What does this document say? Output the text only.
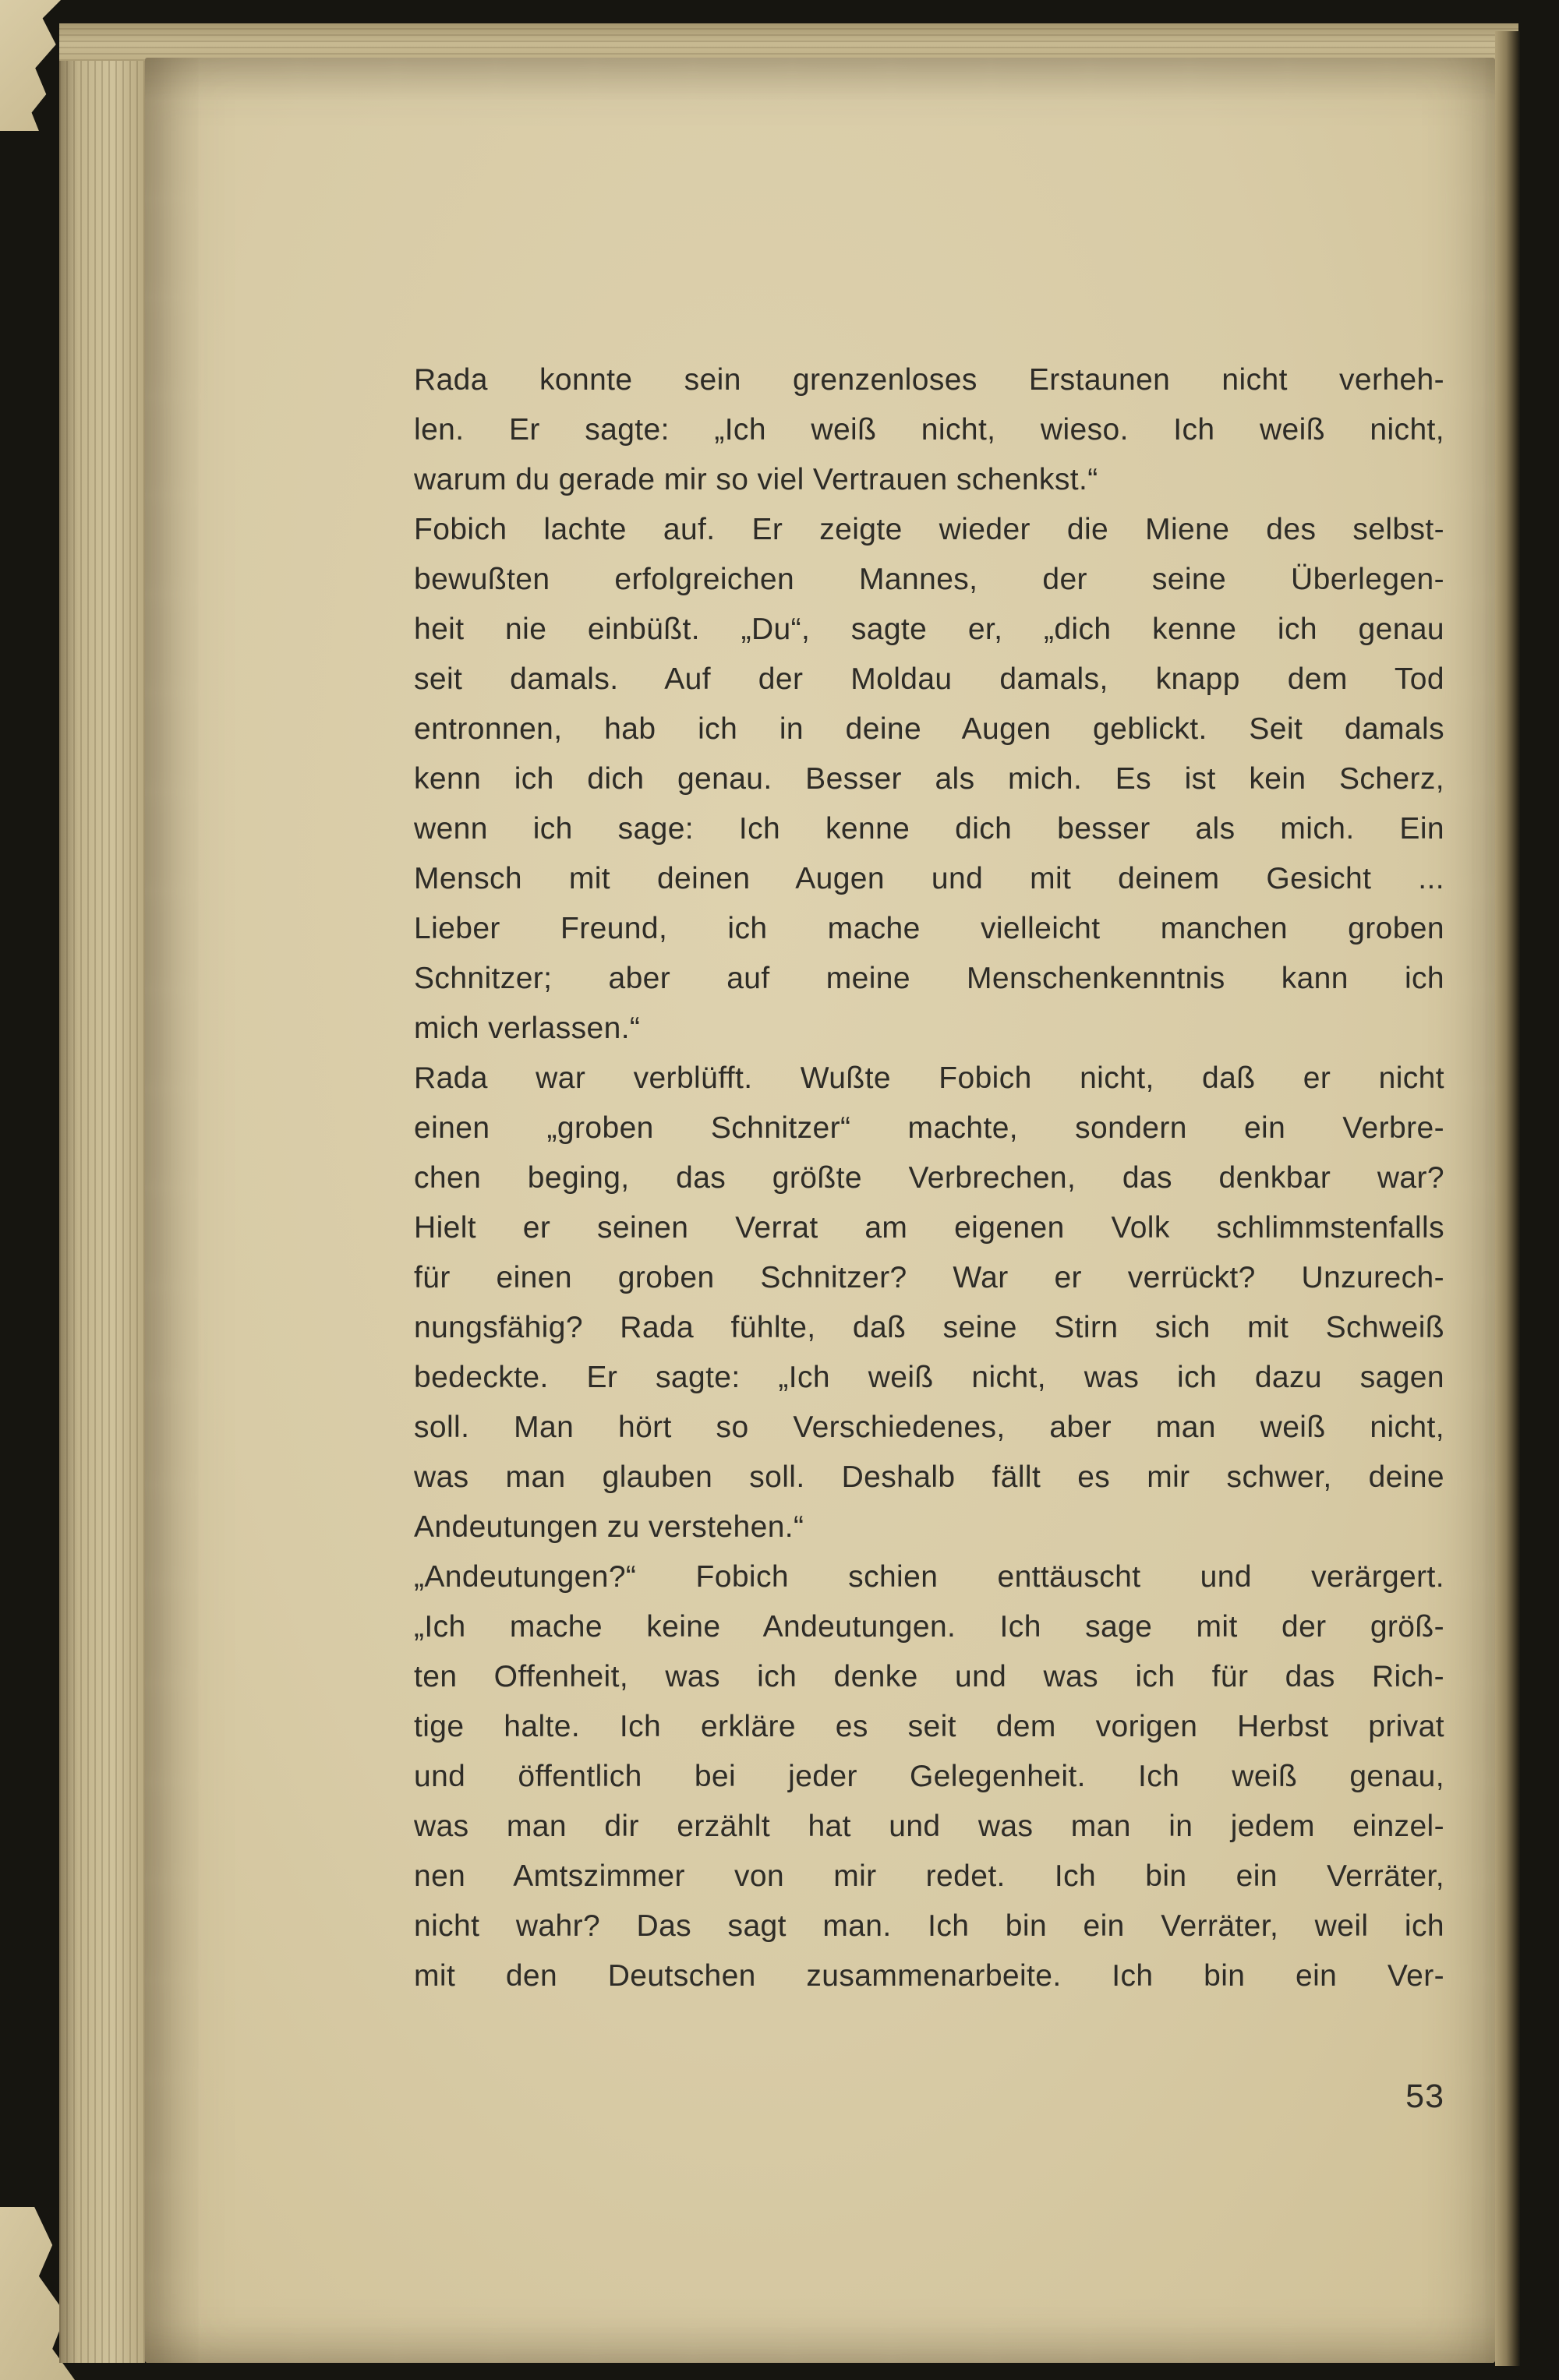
Rada konnte sein grenzenloses Erstaunen nicht verheh-
len. Er sagte: „Ich weiß nicht, wieso. Ich weiß nicht,
warum du gerade mir so viel Vertrauen schenkst.“
Fobich lachte auf. Er zeigte wieder die Miene des selbst-
bewußten erfolgreichen Mannes, der seine Überlegen-
heit nie einbüßt. „Du“, sagte er, „dich kenne ich genau
seit damals. Auf der Moldau damals, knapp dem Tod
entronnen, hab ich in deine Augen geblickt. Seit damals
kenn ich dich genau. Besser als mich. Es ist kein Scherz,
wenn ich sage: Ich kenne dich besser als mich. Ein
Mensch mit deinen Augen und mit deinem Gesicht ...
Lieber Freund, ich mache vielleicht manchen groben
Schnitzer; aber auf meine Menschenkenntnis kann ich
mich verlassen.“
Rada war verblüfft. Wußte Fobich nicht, daß er nicht
einen „groben Schnitzer“ machte, sondern ein Verbre-
chen beging, das größte Verbrechen, das denkbar war?
Hielt er seinen Verrat am eigenen Volk schlimmstenfalls
für einen groben Schnitzer? War er verrückt? Unzurech-
nungsfähig? Rada fühlte, daß seine Stirn sich mit Schweiß
bedeckte. Er sagte: „Ich weiß nicht, was ich dazu sagen
soll. Man hört so Verschiedenes, aber man weiß nicht,
was man glauben soll. Deshalb fällt es mir schwer, deine
Andeutungen zu verstehen.“
„Andeutungen?“ Fobich schien enttäuscht und verärgert.
„Ich mache keine Andeutungen. Ich sage mit der größ-
ten Offenheit, was ich denke und was ich für das Rich-
tige halte. Ich erkläre es seit dem vorigen Herbst privat
und öffentlich bei jeder Gelegenheit. Ich weiß genau,
was man dir erzählt hat und was man in jedem einzel-
nen Amtszimmer von mir redet. Ich bin ein Verräter,
nicht wahr? Das sagt man. Ich bin ein Verräter, weil ich
mit den Deutschen zusammenarbeite. Ich bin ein Ver-
53
